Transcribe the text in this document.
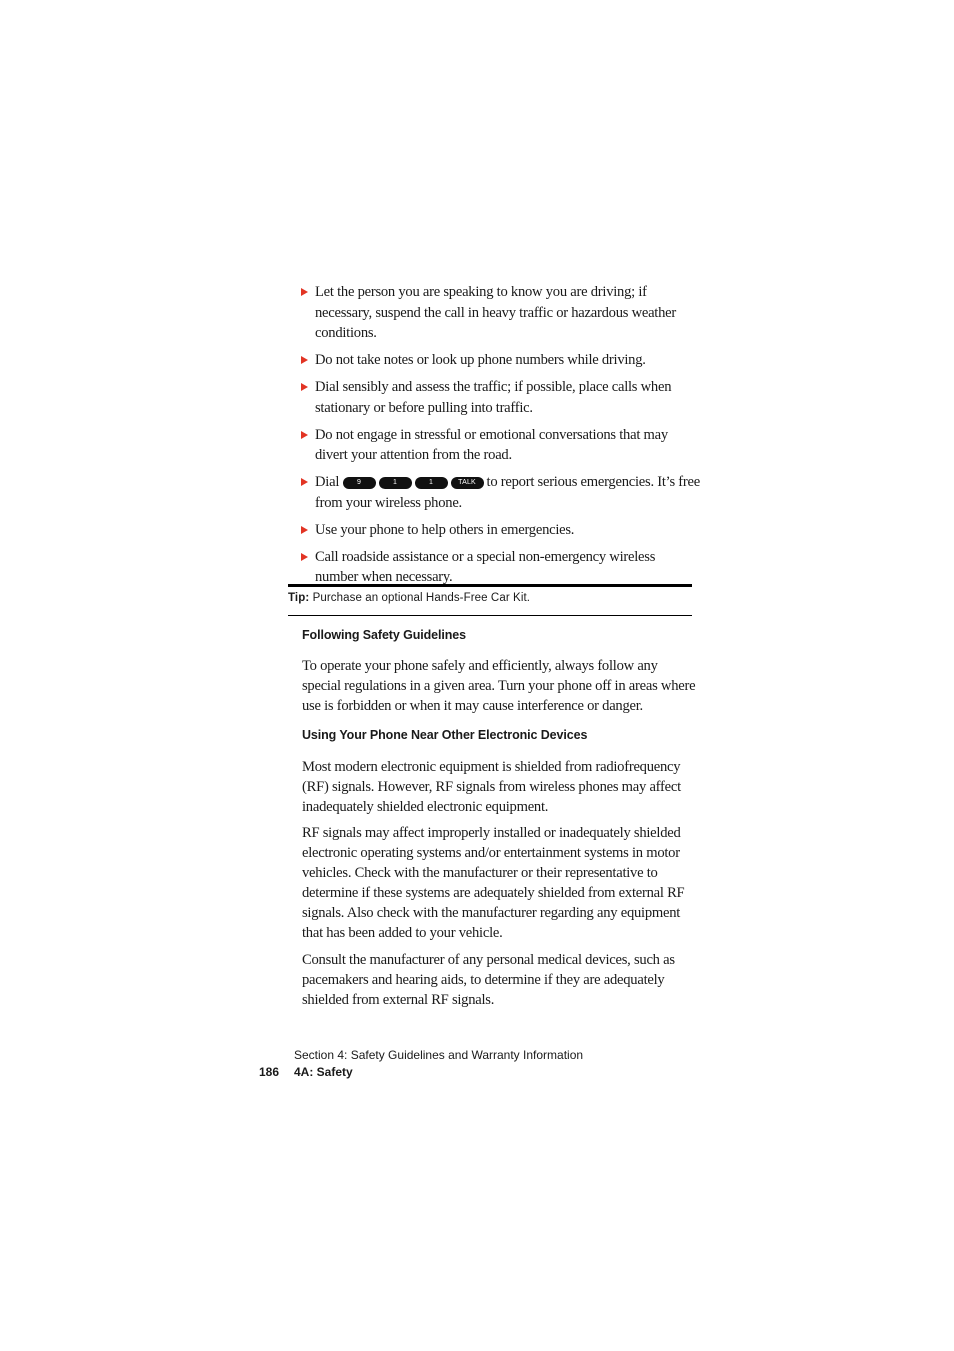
Let the person you are speaking to know you are driving; if necessary, suspend the call in heavy traffic or hazardous weather conditions.
Do not take notes or look up phone numbers while driving.
Dial sensibly and assess the traffic; if possible, place calls when stationary or before pulling into traffic.
Do not engage in stressful or emotional conversations that may divert your attention from the road.
Dial	9	1	1	TALK to report serious emergencies. It’s free from your wireless phone.
Use your phone to help others in emergencies.
Call roadside assistance or a special non-emergency wireless number when necessary.
Tip: Purchase an optional Hands-Free Car Kit.
Following Safety Guidelines

To operate your phone safely and efficiently, always follow any special regulations in a given area. Turn your phone off in areas where use is forbidden or when it may cause interference or danger.

Using Your Phone Near Other Electronic Devices

Most modern electronic equipment is shielded from radiofrequency (RF) signals. However, RF signals from wireless phones may affect inadequately shielded electronic equipment.

RF signals may affect improperly installed or inadequately shielded electronic operating systems and/or entertainment systems in motor vehicles. Check with the manufacturer or their representative to determine if these systems are adequately shielded from external RF signals. Also check with the manufacturer regarding any equipment that has been added to your vehicle.

Consult the manufacturer of any personal medical devices, such as pacemakers and hearing aids, to determine if they are adequately shielded from external RF signals.

Section 4: Safety Guidelines and Warranty Information
186 4A: Safety
